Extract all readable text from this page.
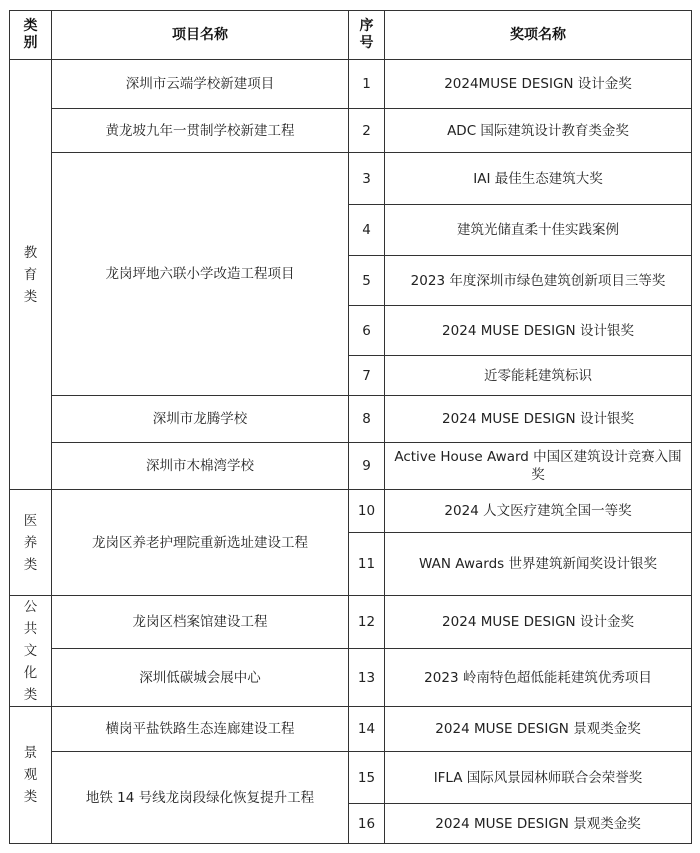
类别	项目名称	序号	奖项名称
教育类	深圳市云端学校新建项目	1	2024MUSE DESIGN 设计金奖
	黄龙坡九年一贯制学校新建工程	2	ADC 国际建筑设计教育类金奖
	龙岗坪地六联小学改造工程项目	3	IAI 最佳生态建筑大奖
		4	建筑光储直柔十佳实践案例
		5	2023 年度深圳市绿色建筑创新项目三等奖
		6	2024 MUSE DESIGN 设计银奖
		7	近零能耗建筑标识
	深圳市龙腾学校	8	2024 MUSE DESIGN 设计银奖
	深圳市木棉湾学校	9	Active House Award 中国区建筑设计竞赛入围奖
医养类	龙岗区养老护理院重新选址建设工程	10	2024 人文医疗建筑全国一等奖
		11	WAN Awards 世界建筑新闻奖设计银奖
公共文化类	龙岗区档案馆建设工程	12	2024 MUSE DESIGN 设计金奖
	深圳低碳城会展中心	13	2023 岭南特色超低能耗建筑优秀项目
景观类	横岗平盐铁路生态连廊建设工程	14	2024 MUSE DESIGN 景观类金奖
	地铁 14 号线龙岗段绿化恢复提升工程	15	IFLA 国际风景园林师联合会荣誉奖
		16	2024 MUSE DESIGN 景观类金奖
